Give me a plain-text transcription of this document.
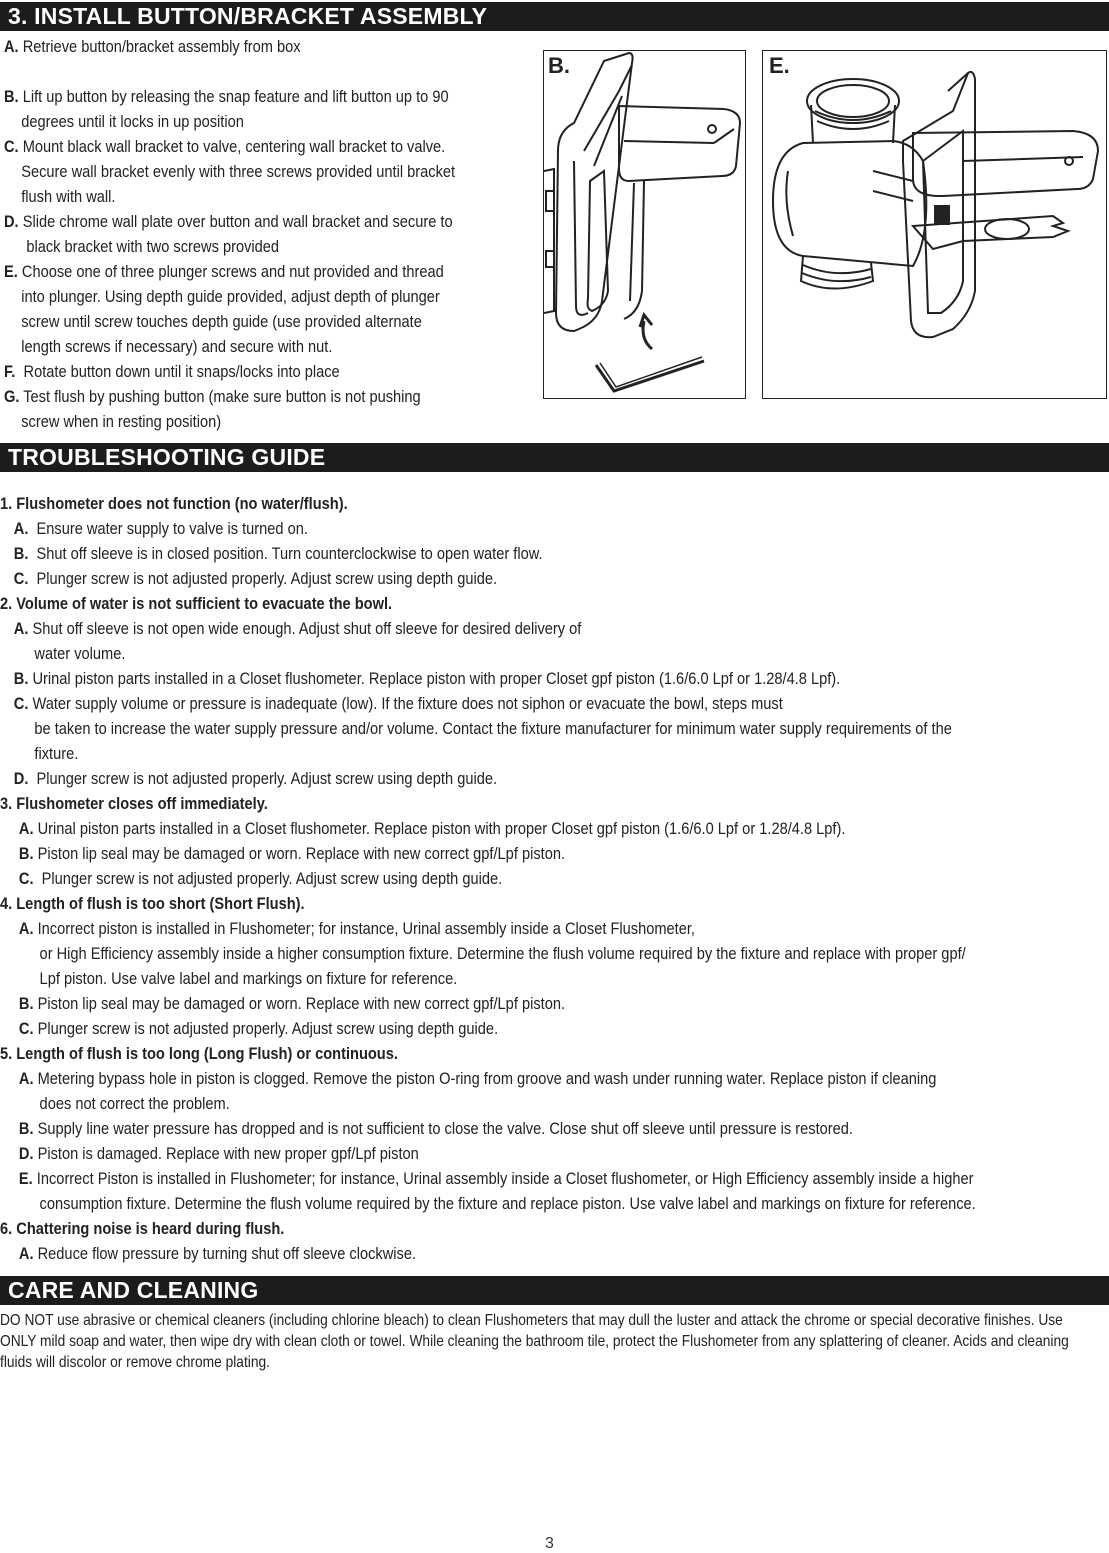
3. INSTALL BUTTON/BRACKET ASSEMBLY
A. Retrieve button/bracket assembly from box
B. Lift up button by releasing the snap feature and lift button up to 90
degrees until it locks in up position
C. Mount black wall bracket to valve, centering wall bracket to valve.
Secure wall bracket evenly with three screws provided until bracket
flush with wall.
D. Slide chrome wall plate over button and wall bracket and secure to
black bracket with two screws provided
E. Choose one of three plunger screws and nut provided and thread
into plunger. Using depth guide provided, adjust depth of plunger
screw until screw touches depth guide (use provided alternate
length screws if necessary) and secure with nut.
F. Rotate button down until it snaps/locks into place
G. Test flush by pushing button (make sure button is not pushing
screw when in resting position)
B.	E.
TROUBLESHOOTING GUIDE
1. Flushometer does not function (no water/flush).
A. Ensure water supply to valve is turned on.
B. Shut off sleeve is in closed position. Turn counterclockwise to open water flow.
C. Plunger screw is not adjusted properly. Adjust screw using depth guide.
2. Volume of water is not sufficient to evacuate the bowl.
A. Shut off sleeve is not open wide enough. Adjust shut off sleeve for desired delivery of
water volume.
B. Urinal piston parts installed in a Closet flushometer. Replace piston with proper Closet gpf piston (1.6/6.0 Lpf or 1.28/4.8 Lpf).
C. Water supply volume or pressure is inadequate (low). If the fixture does not siphon or evacuate the bowl, steps must
be taken to increase the water supply pressure and/or volume. Contact the fixture manufacturer for minimum water supply requirements of the
fixture.
D. Plunger screw is not adjusted properly. Adjust screw using depth guide.
3. Flushometer closes off immediately.
A. Urinal piston parts installed in a Closet flushometer. Replace piston with proper Closet gpf piston (1.6/6.0 Lpf or 1.28/4.8 Lpf).
B. Piston lip seal may be damaged or worn. Replace with new correct gpf/Lpf piston.
C. Plunger screw is not adjusted properly. Adjust screw using depth guide.
4. Length of flush is too short (Short Flush).
A. Incorrect piston is installed in Flushometer; for instance, Urinal assembly inside a Closet Flushometer,
or High Efficiency assembly inside a higher consumption fixture. Determine the flush volume required by the fixture and replace with proper gpf/
Lpf piston. Use valve label and markings on fixture for reference.
B. Piston lip seal may be damaged or worn. Replace with new correct gpf/Lpf piston.
C. Plunger screw is not adjusted properly. Adjust screw using depth guide.
5. Length of flush is too long (Long Flush) or continuous.
A. Metering bypass hole in piston is clogged. Remove the piston O-ring from groove and wash under running water. Replace piston if cleaning
does not correct the problem.
B. Supply line water pressure has dropped and is not sufficient to close the valve. Close shut off sleeve until pressure is restored.
D. Piston is damaged. Replace with new proper gpf/Lpf piston
E. Incorrect Piston is installed in Flushometer; for instance, Urinal assembly inside a Closet flushometer, or High Efficiency assembly inside a higher
consumption fixture. Determine the flush volume required by the fixture and replace piston. Use valve label and markings on fixture for reference.
6. Chattering noise is heard during flush.
A. Reduce flow pressure by turning shut off sleeve clockwise.
CARE AND CLEANING
DO NOT use abrasive or chemical cleaners (including chlorine bleach) to clean Flushometers that may dull the luster and attack the chrome or special decorative finishes. Use ONLY mild soap and water, then wipe dry with clean cloth or towel. While cleaning the bathroom tile, protect the Flushometer from any splattering of cleaner. Acids and cleaning fluids will discolor or remove chrome plating.
3
